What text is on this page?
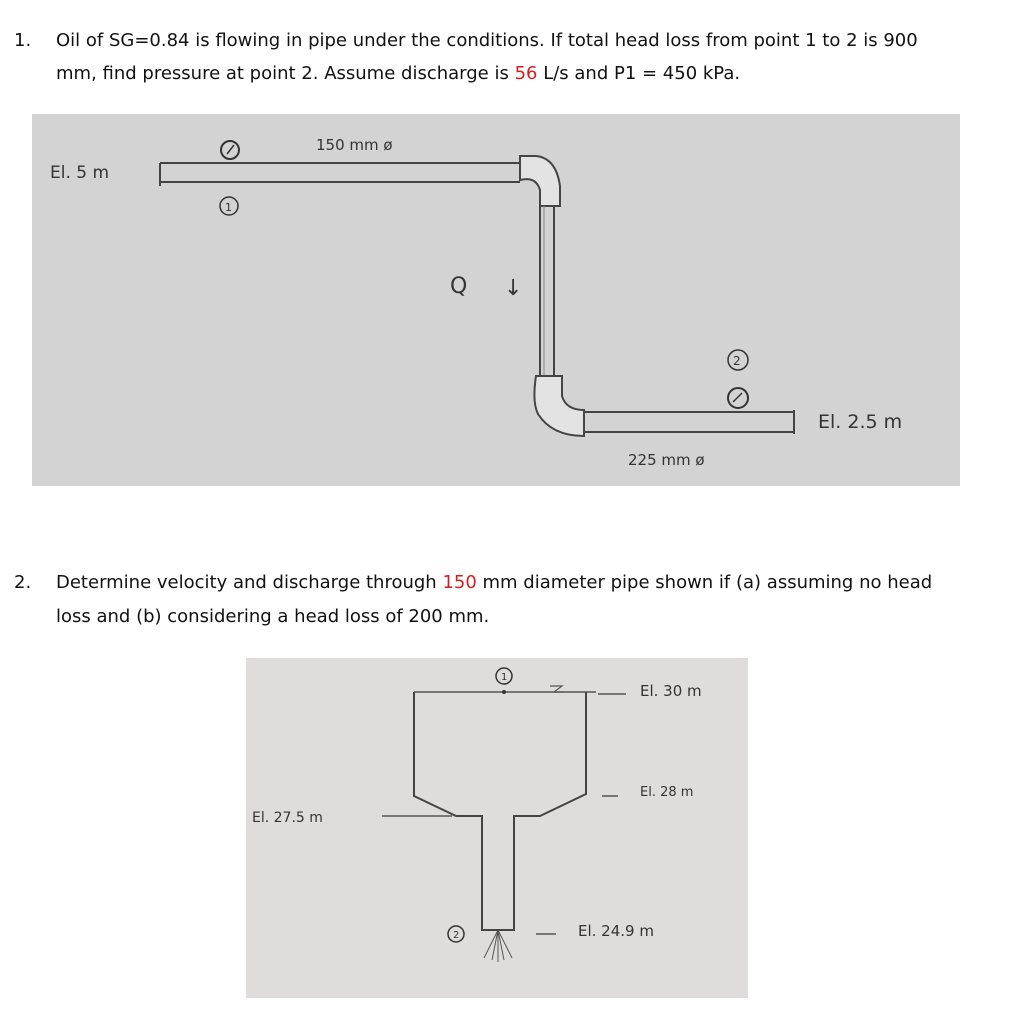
1. Oil of SG=0.84 is flowing in pipe under the conditions. If total head loss from point 1 to 2 is 900
mm, find pressure at point 2. Assume discharge is 56 L/s and P1 = 450 kPa.
El. 5 m
150 mm ø
1
Q ↓
2
El. 2.5 m
225 mm ø
2. Determine velocity and discharge through 150 mm diameter pipe shown if (a) assuming no head
loss and (b) considering a head loss of 200 mm.
1
2
El. 30 m
El. 28 m
El. 27.5 m
El. 24.9 m
